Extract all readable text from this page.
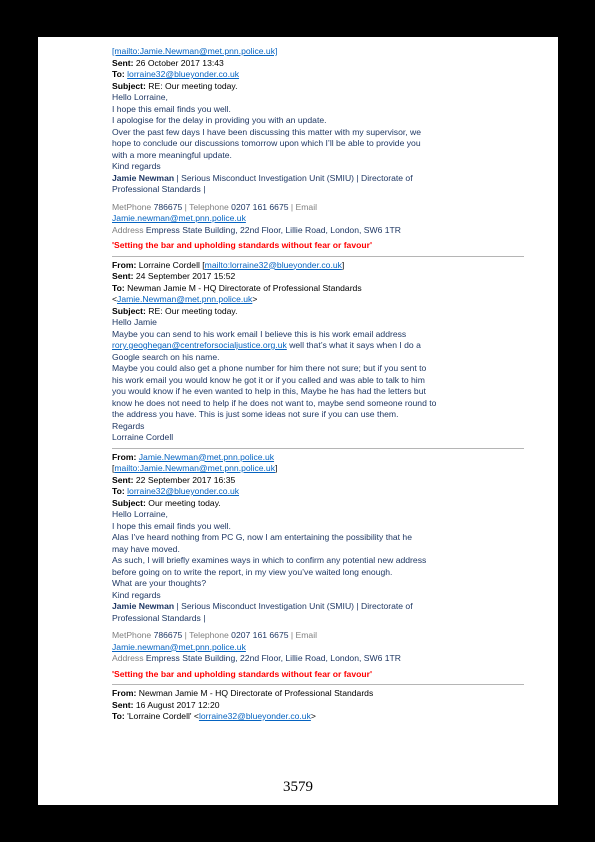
[mailto:Jamie.Newman@met.pnn.police.uk]
Sent: 26 October 2017 13:43
To: lorraine32@blueyonder.co.uk
Subject: RE: Our meeting today.
Hello Lorraine,
I hope this email finds you well.
I apologise for the delay in providing you with an update.
Over the past few days I have been discussing this matter with my supervisor, we
hope to conclude our discussions tomorrow upon which I’ll be able to provide you
with a more meaningful update.
Kind regards
Jamie Newman | Serious Misconduct Investigation Unit (SMIU) | Directorate of
Professional Standards |
MetPhone 786675 | Telephone 0207 161 6675 | Email
Jamie.newman@met.pnn.police.uk
Address Empress State Building, 22nd Floor, Lillie Road, London, SW6 1TR
'Setting the bar and upholding standards without fear or favour'
From: Lorraine Cordell [mailto:lorraine32@blueyonder.co.uk]
Sent: 24 September 2017 15:52
To: Newman Jamie M - HQ Directorate of Professional Standards
<Jamie.Newman@met.pnn.police.uk>
Subject: RE: Our meeting today.
Hello Jamie
Maybe you can send to his work email I believe this is his work email address
rory.geoghegan@centreforsocialjustice.org.uk well that’s what it says when I do a
Google search on his name.
Maybe you could also get a phone number for him there not sure; but if you sent to
his work email you would know he got it or if you called and was able to talk to him
you would know if he even wanted to help in this, Maybe he has had the letters but
know he does not need to help if he does not want to, maybe send someone round to
the address you have. This is just some ideas not sure if you can use them.
Regards
Lorraine Cordell
From: Jamie.Newman@met.pnn.police.uk
[mailto:Jamie.Newman@met.pnn.police.uk]
Sent: 22 September 2017 16:35
To: lorraine32@blueyonder.co.uk
Subject: Our meeting today.
Hello Lorraine,
I hope this email finds you well.
Alas I’ve heard nothing from PC G, now I am entertaining the possibility that he
may have moved.
As such, I will briefly examines ways in which to confirm any potential new address
before going on to write the report, in my view you’ve waited long enough.
What are your thoughts?
Kind regards
Jamie Newman | Serious Misconduct Investigation Unit (SMIU) | Directorate of
Professional Standards |
MetPhone 786675 | Telephone 0207 161 6675 | Email
Jamie.newman@met.pnn.police.uk
Address Empress State Building, 22nd Floor, Lillie Road, London, SW6 1TR
'Setting the bar and upholding standards without fear or favour'
From: Newman Jamie M - HQ Directorate of Professional Standards
Sent: 16 August 2017 12:20
To: 'Lorraine Cordell' <lorraine32@blueyonder.co.uk>
3579
